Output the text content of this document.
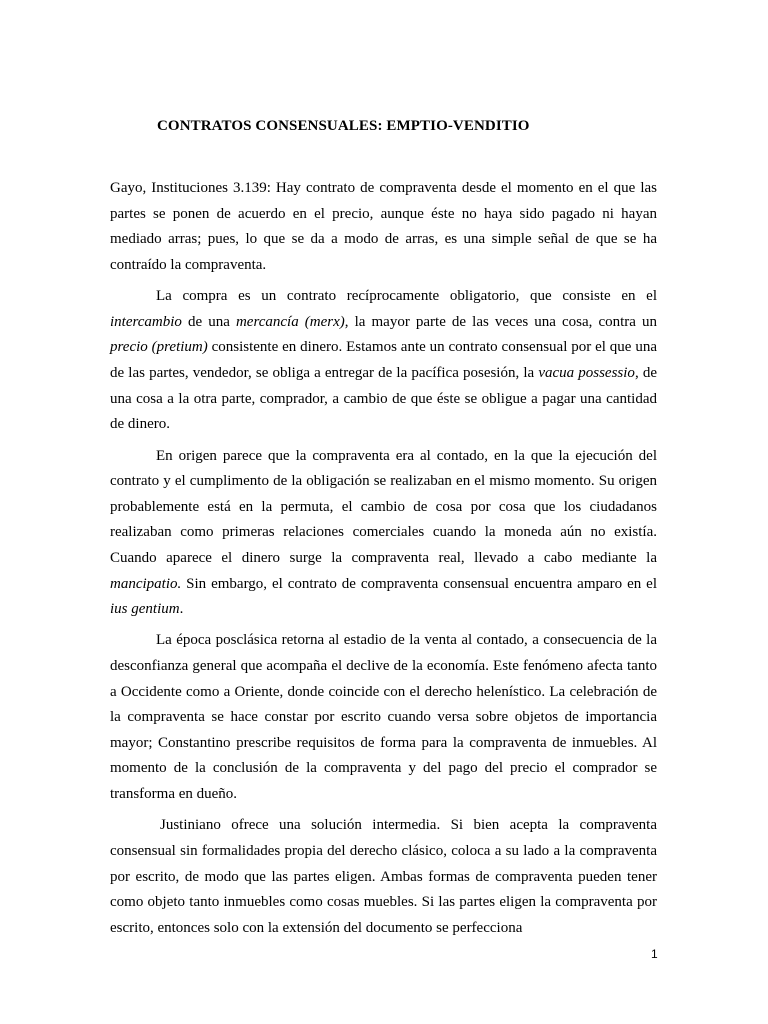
CONTRATOS CONSENSUALES: EMPTIO-VENDITIO

Gayo, Instituciones 3.139: Hay contrato de compraventa desde el momento en el que las partes se ponen de acuerdo en el precio, aunque éste no haya sido pagado ni hayan mediado arras; pues, lo que se da a modo de arras, es una simple señal de que se ha contraído la compraventa.

La compra es un contrato recíprocamente obligatorio, que consiste en el intercambio de una mercancía (merx), la mayor parte de las veces una cosa, contra un precio (pretium) consistente en dinero. Estamos ante un contrato consensual por el que una de las partes, vendedor, se obliga a entregar de la pacífica posesión, la vacua possessio, de una cosa a la otra parte, comprador, a cambio de que éste se obligue a pagar una cantidad de dinero.

En origen parece que la compraventa era al contado, en la que la ejecución del contrato y el cumplimento de la obligación se realizaban en el mismo momento. Su origen probablemente está en la permuta, el cambio de cosa por cosa que los ciudadanos realizaban como primeras relaciones comerciales cuando la moneda aún no existía. Cuando aparece el dinero surge la compraventa real, llevado a cabo mediante la mancipatio. Sin embargo, el contrato de compraventa consensual encuentra amparo en el ius gentium.

La época posclásica retorna al estadio de la venta al contado, a consecuencia de la desconfianza general que acompaña el declive de la economía. Este fenómeno afecta tanto a Occidente como a Oriente, donde coincide con el derecho helenístico. La celebración de la compraventa se hace constar por escrito cuando versa sobre objetos de importancia mayor; Constantino prescribe requisitos de forma para la compraventa de inmuebles. Al momento de la conclusión de la compraventa y del pago del precio el comprador se transforma en dueño.

Justiniano ofrece una solución intermedia. Si bien acepta la compraventa consensual sin formalidades propia del derecho clásico, coloca a su lado a la compraventa por escrito, de modo que las partes eligen. Ambas formas de compraventa pueden tener como objeto tanto inmuebles como cosas muebles. Si las partes eligen la compraventa por escrito, entonces solo con la extensión del documento se perfecciona

1
